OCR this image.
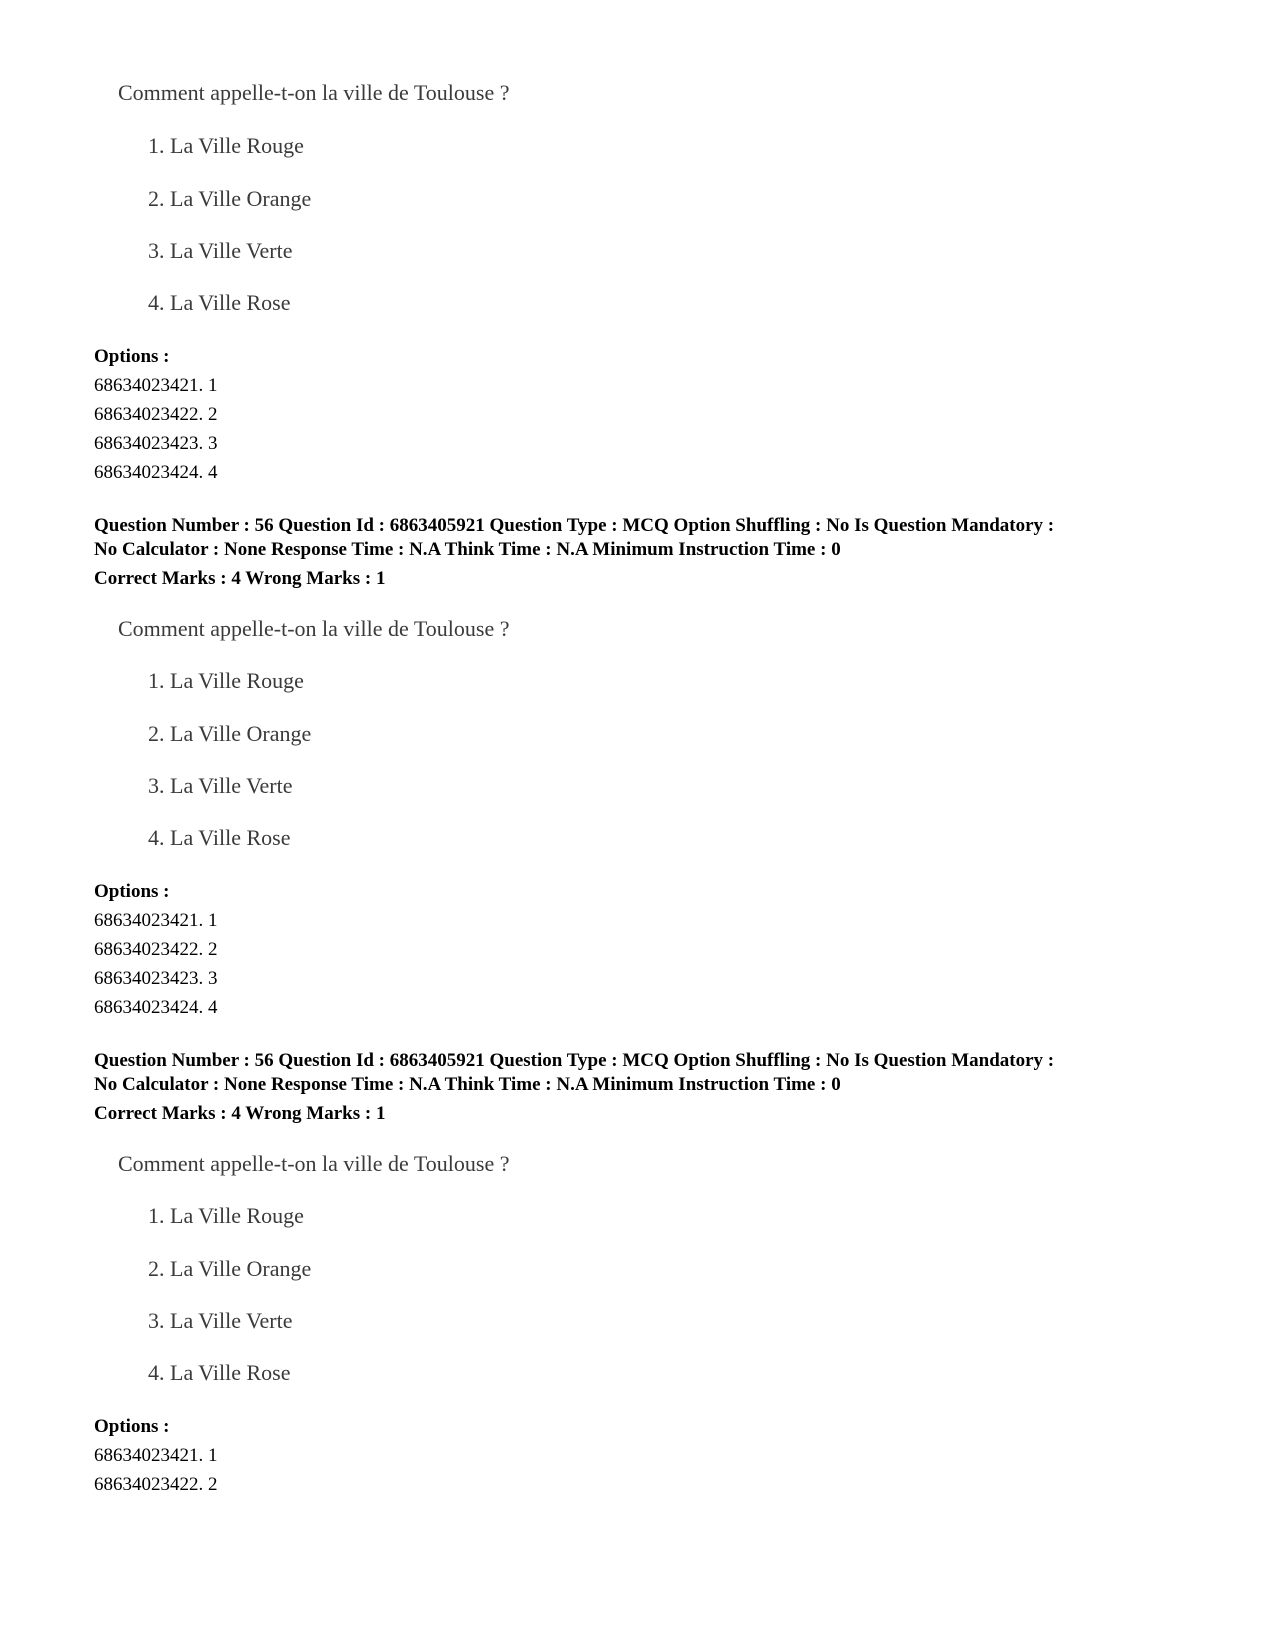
Comment appelle-t-on la ville de Toulouse ?
1. La Ville Rouge
2. La Ville Orange
3. La Ville Verte
4. La Ville Rose
Options :
68634023421. 1
68634023422. 2
68634023423. 3
68634023424. 4
Question Number : 56 Question Id : 6863405921 Question Type : MCQ Option Shuffling : No Is Question Mandatory :
No Calculator : None Response Time : N.A Think Time : N.A Minimum Instruction Time : 0
Correct Marks : 4 Wrong Marks : 1
Comment appelle-t-on la ville de Toulouse ?
1. La Ville Rouge
2. La Ville Orange
3. La Ville Verte
4. La Ville Rose
Options :
68634023421. 1
68634023422. 2
68634023423. 3
68634023424. 4
Question Number : 56 Question Id : 6863405921 Question Type : MCQ Option Shuffling : No Is Question Mandatory :
No Calculator : None Response Time : N.A Think Time : N.A Minimum Instruction Time : 0
Correct Marks : 4 Wrong Marks : 1
Comment appelle-t-on la ville de Toulouse ?
1. La Ville Rouge
2. La Ville Orange
3. La Ville Verte
4. La Ville Rose
Options :
68634023421. 1
68634023422. 2
